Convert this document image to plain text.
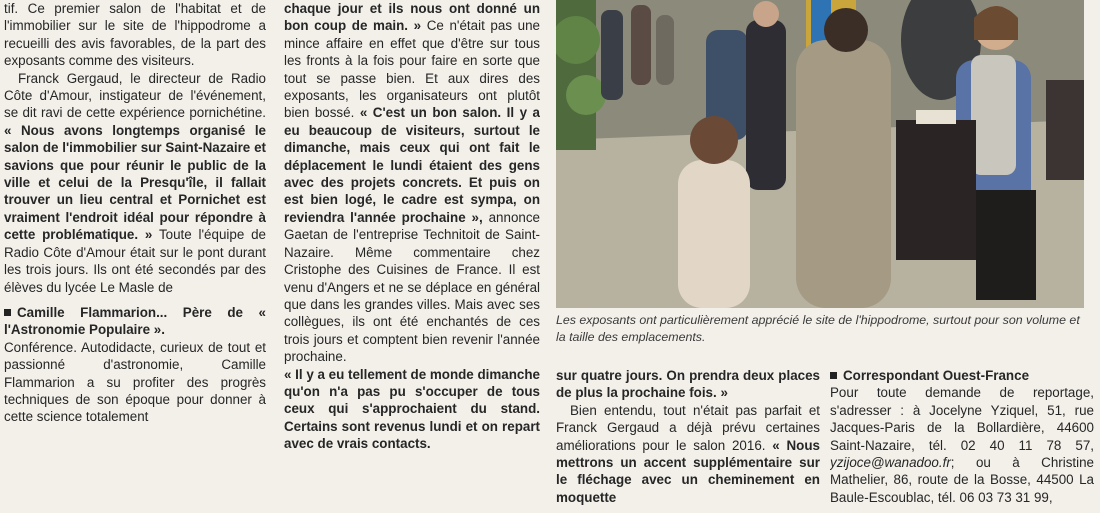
tif. Ce premier salon de l'habitat et de l'immobilier sur le site de l'hippodrome a recueilli des avis favorables, de la part des exposants comme des visiteurs.

Franck Gergaud, le directeur de Radio Côte d'Amour, instigateur de l'événement, se dit ravi de cette expérience pornichétine. « Nous avons longtemps organisé le salon de l'immobilier sur Saint-Nazaire et savions que pour réunir le public de la ville et celui de la Presqu'île, il fallait trouver un lieu central et Pornichet est vraiment l'endroit idéal pour répondre à cette problématique. » Toute l'équipe de Radio Côte d'Amour était sur le pont durant les trois jours. Ils ont été secondés par des élèves du lycée Le Masle de

Camille Flammarion... Père de « l'Astronomie Populaire ».

Conférence. Autodidacte, curieux de tout et passionné d'astronomie, Camille Flammarion a su profiter des progrès techniques de son époque pour donner à cette science totalement

chaque jour et ils nous ont donné un bon coup de main. » Ce n'était pas une mince affaire en effet que d'être sur tous les fronts à la fois pour faire en sorte que tout se passe bien. Et aux dires des exposants, les organisateurs ont plutôt bien bossé. « C'est un bon salon. Il y a eu beaucoup de visiteurs, surtout le dimanche, mais ceux qui ont fait le déplacement le lundi étaient des gens avec des projets concrets. Et puis on est bien logé, le cadre est sympa, on reviendra l'année prochaine », annonce Gaetan de l'entreprise Technitoit de Saint-Nazaire. Même commentaire chez Cristophe des Cuisines de France. Il est venu d'Angers et ne se déplace en général que dans les grandes villes. Mais avec ses collègues, ils ont été enchantés de ces trois jours et comptent bien revenir l'année prochaine.

« Il y a eu tellement de monde dimanche qu'on n'a pas pu s'occuper de tous ceux qui s'approchaient du stand. Certains sont revenus lundi et on repart avec de vrais contacts.

Les exposants ont particulièrement apprécié le site de l'hippodrome, surtout pour son volume et la taille des emplacements.

sur quatre jours. On prendra deux places de plus la prochaine fois. »

Bien entendu, tout n'était pas parfait et Franck Gergaud a déjà prévu certaines améliorations pour le salon 2016. « Nous mettrons un accent supplémentaire sur le fléchage avec un cheminement en moquette

Correspondant Ouest-France

Pour toute demande de reportage, s'adresser : à Jocelyne Yziquel, 51, rue Jacques-Paris de la Bollardière, 44600 Saint-Nazaire, tél. 02 40 11 78 57, yzijoce@wanadoo.fr; ou à Christine Mathelier, 86, route de la Bosse, 44500 La Baule-Escoublac, tél. 06 03 73 31 99,
